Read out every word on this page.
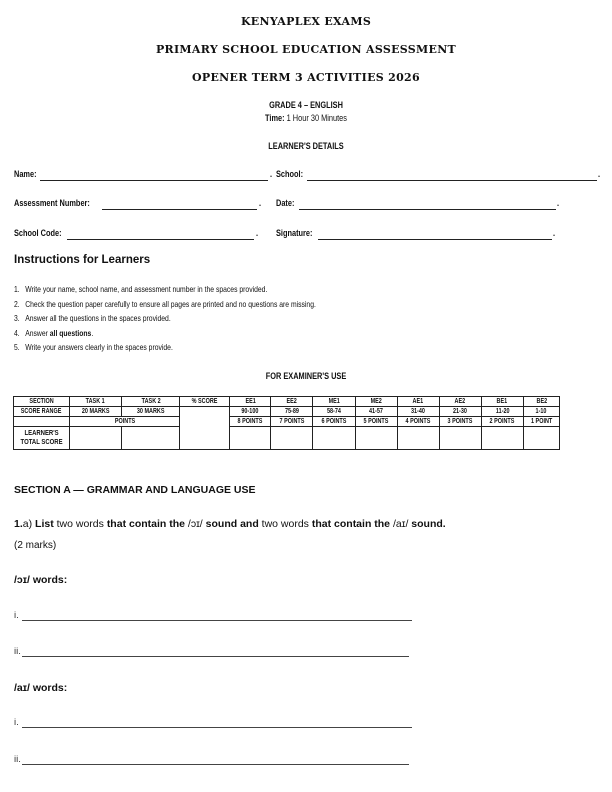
KENYAPLEX EXAMS
PRIMARY SCHOOL EDUCATION ASSESSMENT
OPENER TERM 3 ACTIVITIES 2026
GRADE 4 – ENGLISH
Time: 1 Hour 30 Minutes
LEARNER'S DETAILS
Name:	. School:	.
Assessment Number:	. Date:	.
School Code:	. Signature:	.
Instructions for Learners
1. Write your name, school name, and assessment number in the spaces provided.
2. Check the question paper carefully to ensure all pages are printed and no questions are missing.
3. Answer all the questions in the spaces provided.
4. Answer all questions.
5. Write your answers clearly in the spaces provide.
FOR EXAMINER'S USE
SECTION	TASK 1	TASK 2	% SCORE	EE1	EE2	ME1	ME2	AE1	AE2	BE1	BE2
SCORE RANGE	20 MARKS	30 MARKS		90-100	75-89	58-74	41-57	31-40	21-30	11-20	1-10
	POINTS			8 POINTS	7 POINTS	6 POINTS	5 POINTS	4 POINTS	3 POINTS	2 POINTS	1 POINT
LEARNER'S TOTAL SCORE											
SECTION A — GRAMMAR AND LANGUAGE USE
1.a) List two words that contain the /ɔɪ/ sound and two words that contain the /aɪ/ sound.
(2 marks)
/ɔɪ/ words:
i.
ii.
/aɪ/ words:
i.
ii.
